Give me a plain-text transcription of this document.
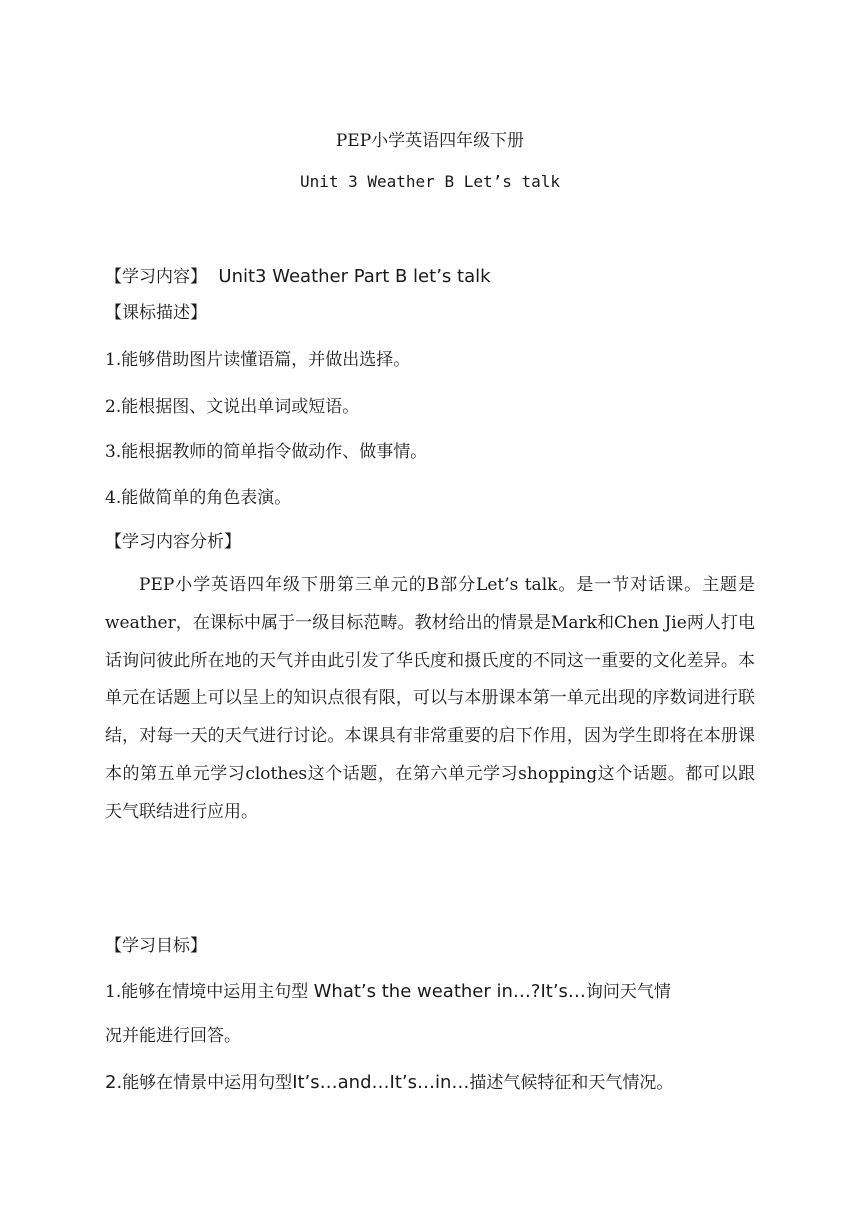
PEP小学英语四年级下册
Unit 3 Weather B Let’s talk
【学习内容】 Unit3 Weather Part B let’s talk
【课标描述】
1.能够借助图片读懂语篇，并做出选择。
2.能根据图、文说出单词或短语。
3.能根据教师的简单指令做动作、做事情。
4.能做简单的角色表演。
【学习内容分析】
PEP小学英语四年级下册第三单元的B部分Let’s talk。是一节对话课。主题是 weather，在课标中属于一级目标范畴。教材给出的情景是Mark和Chen Jie两人打电话询问彼此所在地的天气并由此引发了华氏度和摄氏度的不同这一重要的文化差异。本单元在话题上可以呈上的知识点很有限，可以与本册课本第一单元出现的序数词进行联结，对每一天的天气进行讨论。本课具有非常重要的启下作用，因为学生即将在本册课本的第五单元学习clothes这个话题，在第六单元学习shopping这个话题。都可以跟天气联结进行应用。
【学习目标】
1.能够在情境中运用主句型 What’s the weather in…?It’s…询问天气情
况并能进行回答。
2.能够在情景中运用句型It’s…and…It’s…in…描述气候特征和天气情况。
